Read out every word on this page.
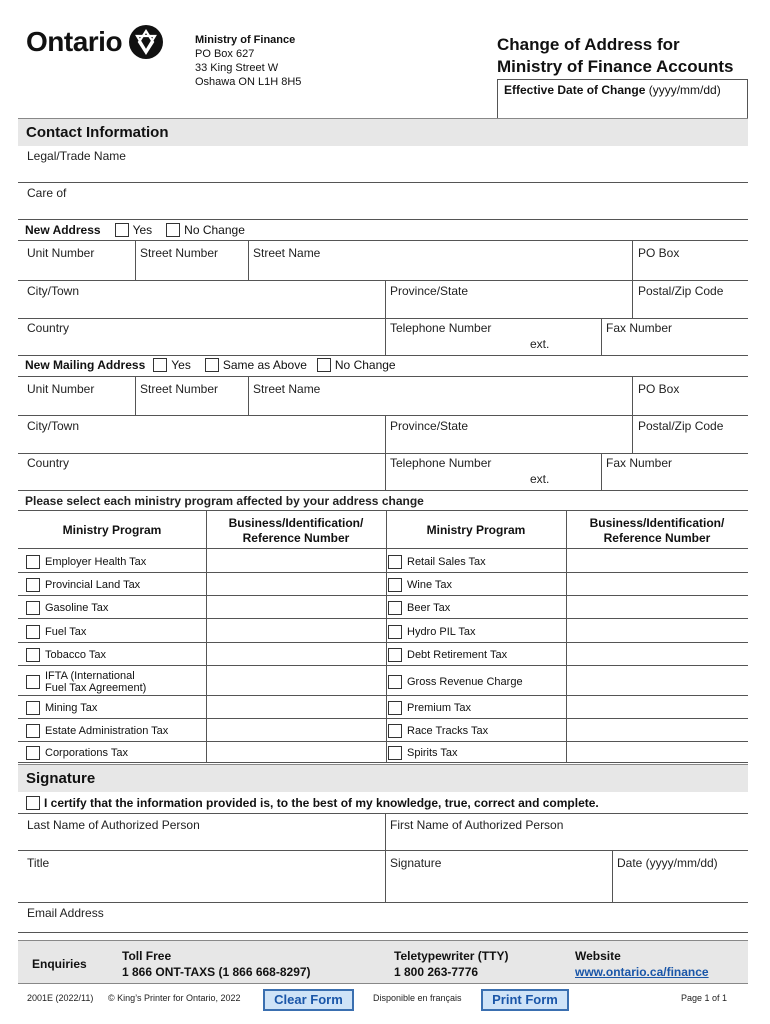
Ontario	Ministry of Finance
PO Box 627
33 King Street W
Oshawa ON L1H 8H5
Change of Address for
Ministry of Finance Accounts
Effective Date of Change (yyyy/mm/dd)
Contact Information
Legal/Trade Name
Care of
New Address	Yes	No Change
Unit Number	Street Number	Street Name	PO Box
City/Town	Province/State	Postal/Zip Code
Country	Telephone Number
ext.
Fax Number
New Mailing Address Yes	Same as Above No Change
Unit Number	Street Number	Street Name	PO Box
City/Town	Province/State	Postal/Zip Code
Country	Telephone Number
ext.
Fax Number
Please select each ministry program affected by your address change
Ministry Program	Business/Identification/
Reference Number
Ministry Program	Business/Identification/
Reference Number
Employer Health Tax	Retail Sales Tax
Provincial Land Tax	Wine Tax
Gasoline Tax	Beer Tax
Fuel Tax	Hydro PIL Tax
Tobacco Tax	Debt Retirement Tax
IFTA (International
Fuel Tax Agreement)	Gross Revenue Charge
Mining Tax	Premium Tax
Estate Administration Tax	Race Tracks Tax
Corporations Tax	Spirits Tax
Signature
I certify that the information provided is, to the best of my knowledge, true, correct and complete.
Last Name of Authorized Person	First Name of Authorized Person
Title	Signature	Date (yyyy/mm/dd)
Email Address
Enquiries
Toll Free
1 866 ONT-TAXS (1 866 668-8297)
Teletypewriter (TTY)
1 800 263-7776
Website
www.ontario.ca/finance
2001E (2022/11) © King’s Printer for Ontario, 2022	Clear Form	Disponible en français	Print Form	Page 1 of 1
